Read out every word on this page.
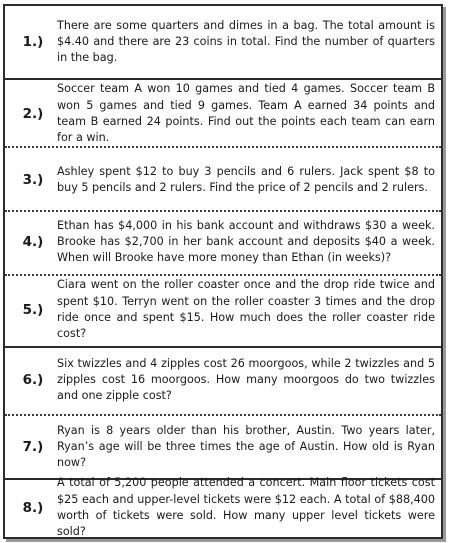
1.)
There are some quarters and dimes in a bag. The total amount is $4.40 and there are 23 coins in total. Find the number of quarters in the bag.
2.)
Soccer team A won 10 games and tied 4 games. Soccer team B won 5 games and tied 9 games. Team A earned 34 points and team B earned 24 points. Find out the points each team can earn for a win.
3.)
Ashley spent $12 to buy 3 pencils and 6 rulers. Jack spent $8 to buy 5 pencils and 2 rulers. Find the price of 2 pencils and 2 rulers.
4.)
Ethan has $4,000 in his bank account and withdraws $30 a week. Brooke has $2,700 in her bank account and deposits $40 a week. When will Brooke have more money than Ethan (in weeks)?
5.)
Ciara went on the roller coaster once and the drop ride twice and spent $10. Terryn went on the roller coaster 3 times and the drop ride once and spent $15. How much does the roller coaster ride cost?
6.)
Six twizzles and 4 zipples cost 26 moorgoos, while 2 twizzles and 5 zipples cost 16 moorgoos. How many moorgoos do two twizzles and one zipple cost?
7.)
Ryan is 8 years older than his brother, Austin. Two years later, Ryan’s age will be three times the age of Austin. How old is Ryan now?
8.)
A total of 5,200 people attended a concert. Main floor tickets cost $25 each and upper-level tickets were $12 each. A total of $88,400 worth of tickets were sold. How many upper level tickets were sold?
